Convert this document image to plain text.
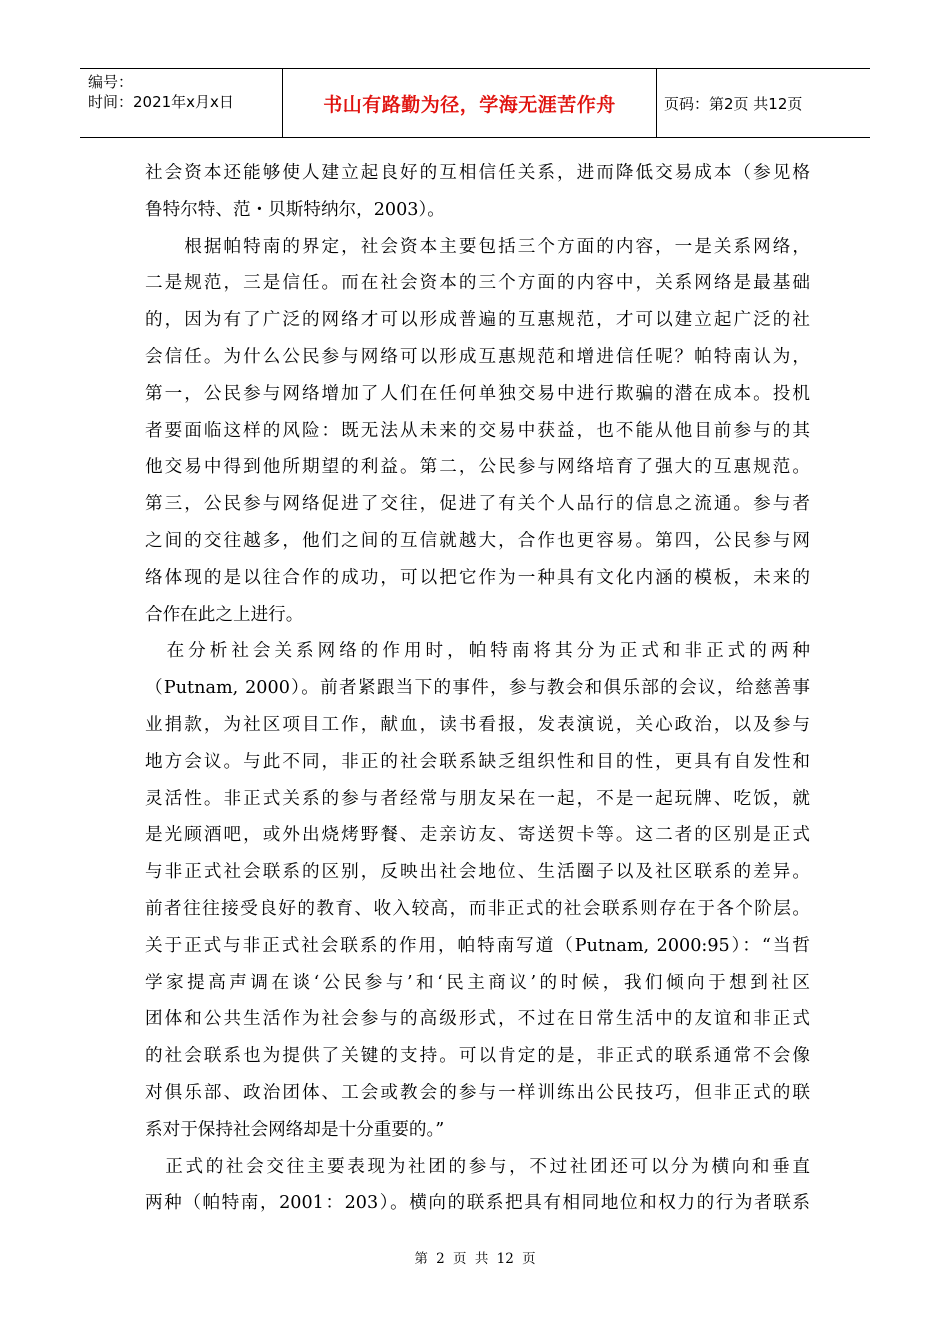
编号：
时间：2021年x月x日	书山有路勤为径，学海无涯苦作舟	页码：第2页 共12页
社会资本还能够使人建立起良好的互相信任关系，进而降低交易成本（参见格
鲁特尔特、范・贝斯特纳尔，2003）。
　　根据帕特南的界定，社会资本主要包括三个方面的内容，一是关系网络，
二是规范，三是信任。而在社会资本的三个方面的内容中，关系网络是最基础
的，因为有了广泛的网络才可以形成普遍的互惠规范，才可以建立起广泛的社
会信任。为什么公民参与网络可以形成互惠规范和增进信任呢？帕特南认为，
第一，公民参与网络增加了人们在任何单独交易中进行欺骗的潜在成本。投机
者要面临这样的风险：既无法从未来的交易中获益，也不能从他目前参与的其
他交易中得到他所期望的利益。第二，公民参与网络培育了强大的互惠规范。
第三，公民参与网络促进了交往，促进了有关个人品行的信息之流通。参与者
之间的交往越多，他们之间的互信就越大，合作也更容易。第四，公民参与网
络体现的是以往合作的成功，可以把它作为一种具有文化内涵的模板，未来的
合作在此之上进行。
　在分析社会关系网络的作用时，帕特南将其分为正式和非正式的两种
（Putnam, 2000）。前者紧跟当下的事件，参与教会和俱乐部的会议，给慈善事
业捐款，为社区项目工作，献血，读书看报，发表演说，关心政治，以及参与
地方会议。与此不同，非正的社会联系缺乏组织性和目的性，更具有自发性和
灵活性。非正式关系的参与者经常与朋友呆在一起，不是一起玩牌、吃饭，就
是光顾酒吧，或外出烧烤野餐、走亲访友、寄送贺卡等。这二者的区别是正式
与非正式社会联系的区别，反映出社会地位、生活圈子以及社区联系的差异。
前者往往接受良好的教育、收入较高，而非正式的社会联系则存在于各个阶层。
关于正式与非正式社会联系的作用，帕特南写道（Putnam, 2000:95）：“当哲
学家提高声调在谈‘公民参与’和‘民主商议’的时候，我们倾向于想到社区
团体和公共生活作为社会参与的高级形式，不过在日常生活中的友谊和非正式
的社会联系也为提供了关键的支持。可以肯定的是，非正式的联系通常不会像
对俱乐部、政治团体、工会或教会的参与一样训练出公民技巧，但非正式的联
系对于保持社会网络却是十分重要的。”
　正式的社会交往主要表现为社团的参与，不过社团还可以分为横向和垂直
两种（帕特南，2001：203）。横向的联系把具有相同地位和权力的行为者联系
第 2 页 共 12 页
